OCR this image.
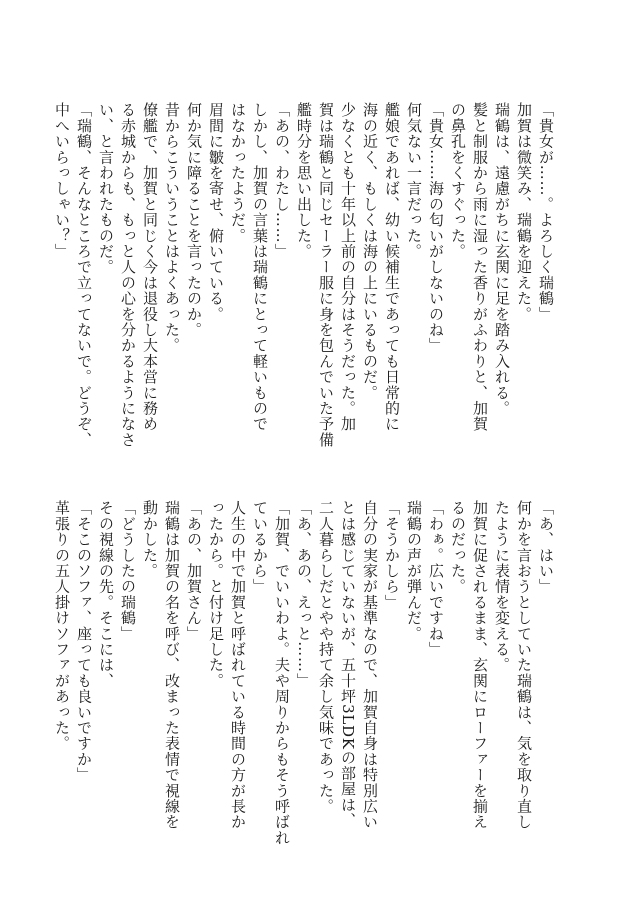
「貴女が……。よろしく瑞鶴」
加賀は微笑み、瑞鶴を迎えた。
瑞鶴は、遠慮がちに玄関に足を踏み入れる。
髪と制服から雨に湿った香りがふわりと、加賀
の鼻孔をくすぐった。
「貴女……海の匂いがしないのね」
何気ない一言だった。
艦娘であれば、幼い候補生であっても日常的に
海の近く、もしくは海の上にいるものだ。
少なくとも十年以上前の自分はそうだった。加
賀は瑞鶴と同じセーラー服に身を包んでいた予備
艦時分を思い出した。
「あの、わたし……」
しかし、加賀の言葉は瑞鶴にとって軽いもので
はなかったようだ。
眉間に皺を寄せ、俯いている。
何か気に障ることを言ったのか。
昔からこういうことはよくあった。
僚艦で、加賀と同じく今は退役し大本営に務め
る赤城からも、もっと人の心を分かるようになさ
い、と言われたものだ。
「瑞鶴、そんなところで立ってないで。どうぞ、
中へいらっしゃい？」
「あ、はい」
何かを言おうとしていた瑞鶴は、気を取り直し
たように表情を変える。
加賀に促されるまま、玄関にローファーを揃え
るのだった。
「わぁ。広いですね」
瑞鶴の声が弾んだ。
「そうかしら」
自分の実家が基準なので、加賀自身は特別広い
とは感じていないが、五十坪3LDKの部屋は、
二人暮らしだとやや持て余し気味であった。
「あ、あの、えっと……」
「加賀、でいいわよ。夫や周りからもそう呼ばれ
ているから」
人生の中で加賀と呼ばれている時間の方が長か
ったから。と付け足した。
「あの、加賀さん」
瑞鶴は加賀の名を呼び、改まった表情で視線を
動かした。
「どうしたの瑞鶴」
その視線の先。そこには、
「そこのソファ、座っても良いですか」
革張りの五人掛けソファがあった。
